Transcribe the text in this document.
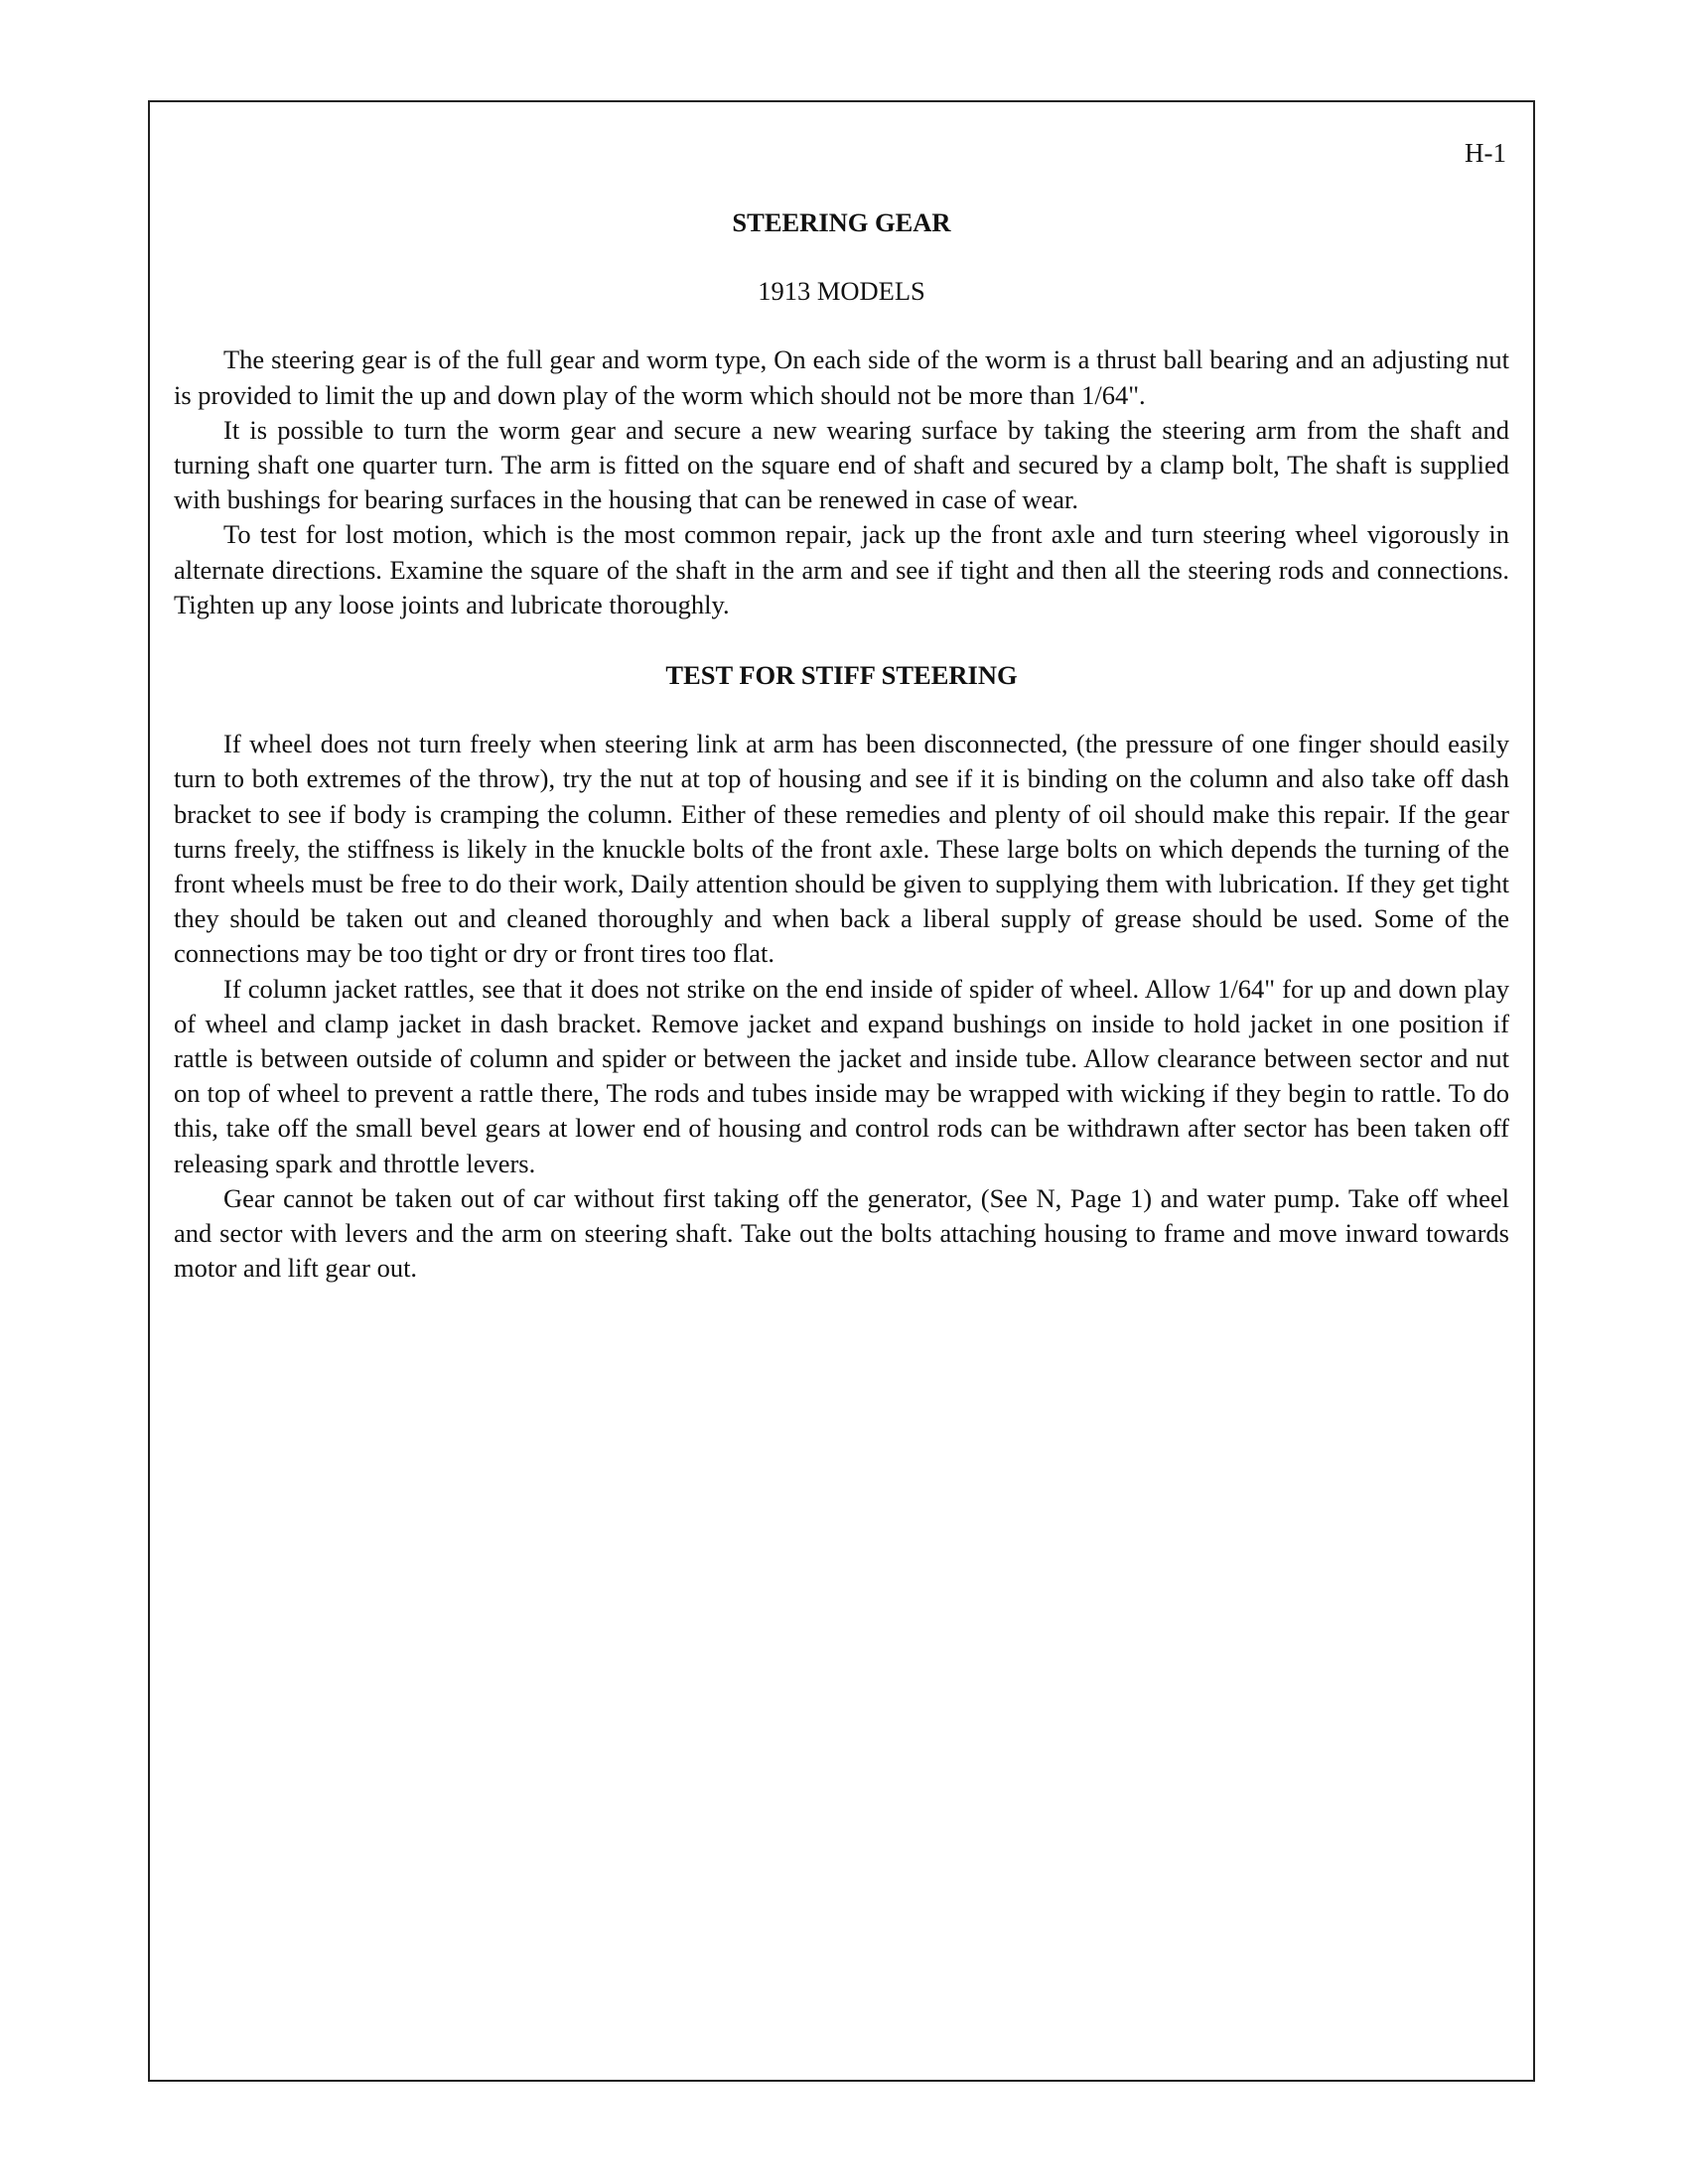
H-1
STEERING GEAR
1913 MODELS

The steering gear is of the full gear and worm type, On each side of the worm is a thrust ball bearing and an adjusting nut is provided to limit the up and down play of the worm which should not be more than 1/64".

It is possible to turn the worm gear and secure a new wearing surface by taking the steering arm from the shaft and turning shaft one quarter turn. The arm is fitted on the square end of shaft and secured by a clamp bolt, The shaft is supplied with bushings for bearing surfaces in the housing that can be renewed in case of wear.

To test for lost motion, which is the most common repair, jack up the front axle and turn steering wheel vigorously in alternate directions. Examine the square of the shaft in the arm and see if tight and then all the steering rods and connections. Tighten up any loose joints and lubricate thoroughly.

TEST FOR STIFF STEERING

If wheel does not turn freely when steering link at arm has been disconnected, (the pressure of one finger should easily turn to both extremes of the throw), try the nut at top of housing and see if it is binding on the column and also take off dash bracket to see if body is cramping the column. Either of these remedies and plenty of oil should make this repair. If the gear turns freely, the stiffness is likely in the knuckle bolts of the front axle. These large bolts on which depends the turning of the front wheels must be free to do their work, Daily attention should be given to supplying them with lubrication. If they get tight they should be taken out and cleaned thoroughly and when back a liberal supply of grease should be used. Some of the connections may be too tight or dry or front tires too flat.

If column jacket rattles, see that it does not strike on the end inside of spider of wheel. Allow 1/64" for up and down play of wheel and clamp jacket in dash bracket. Remove jacket and expand bushings on inside to hold jacket in one position if rattle is between outside of column and spider or between the jacket and inside tube. Allow clearance between sector and nut on top of wheel to prevent a rattle there, The rods and tubes inside may be wrapped with wicking if they begin to rattle. To do this, take off the small bevel gears at lower end of housing and control rods can be withdrawn after sector has been taken off releasing spark and throttle levers.

Gear cannot be taken out of car without first taking off the generator, (See N, Page 1) and water pump. Take off wheel and sector with levers and the arm on steering shaft. Take out the bolts attaching housing to frame and move inward towards motor and lift gear out.
